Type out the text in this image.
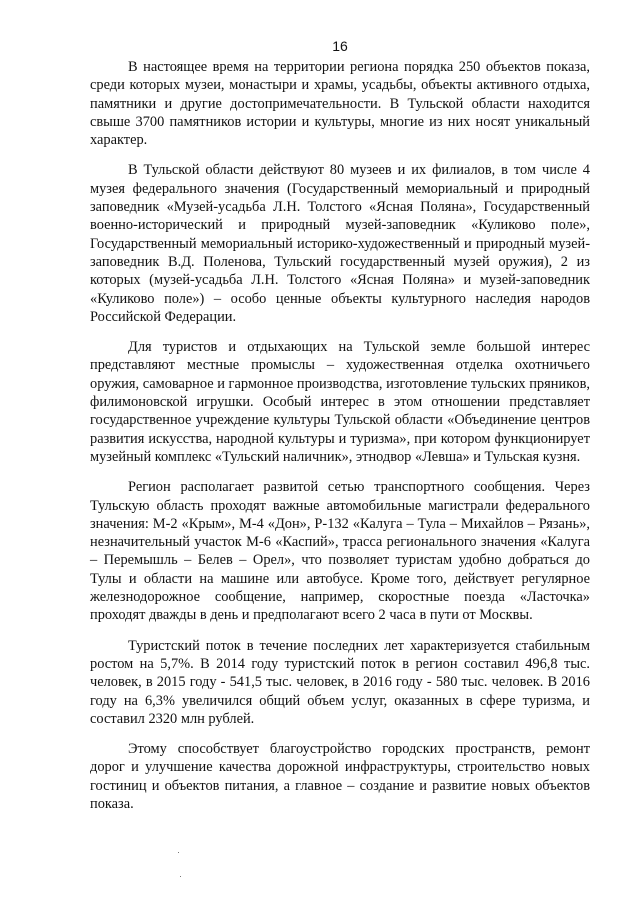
16

В настоящее время на территории региона порядка 250 объектов показа, среди которых музеи, монастыри и храмы, усадьбы, объекты активного отдыха, памятники и другие достопримечательности. В Тульской области находится свыше 3700 памятников истории и культуры, многие из них носят уникальный характер.

В Тульской области действуют 80 музеев и их филиалов, в том числе 4 музея федерального значения (Государственный мемориальный и природный заповедник «Музей-усадьба Л.Н. Толстого «Ясная Поляна», Государственный военно-исторический и природный музей-заповедник «Куликово поле», Государственный мемориальный историко-художественный и природный музей-заповедник В.Д. Поленова, Тульский государственный музей оружия), 2 из которых (музей-усадьба Л.Н. Толстого «Ясная Поляна» и музей-заповедник «Куликово поле») – особо ценные объекты культурного наследия народов Российской Федерации.

Для туристов и отдыхающих на Тульской земле большой интерес представляют местные промыслы – художественная отделка охотничьего оружия, самоварное и гармонное производства, изготовление тульских пряников, филимоновской игрушки. Особый интерес в этом отношении представляет государственное учреждение культуры Тульской области «Объединение центров развития искусства, народной культуры и туризма», при котором функционирует музейный комплекс «Тульский наличник», этнодвор «Левша» и Тульская кузня.

Регион располагает развитой сетью транспортного сообщения. Через Тульскую область проходят важные автомобильные магистрали федерального значения: М-2 «Крым», М-4 «Дон», Р-132 «Калуга – Тула – Михайлов – Рязань», незначительный участок М-6 «Каспий», трасса регионального значения «Калуга – Перемышль – Белев – Орел», что позволяет туристам удобно добраться до Тулы и области на машине или автобусе. Кроме того, действует регулярное железнодорожное сообщение, например, скоростные поезда «Ласточка» проходят дважды в день и предполагают всего 2 часа в пути от Москвы.

Туристский поток в течение последних лет характеризуется стабильным ростом на 5,7%. В 2014 году туристский поток в регион составил 496,8 тыс. человек, в 2015 году - 541,5 тыс. человек, в 2016 году - 580 тыс. человек. В 2016 году на 6,3% увеличился общий объем услуг, оказанных в сфере туризма, и составил 2320 млн рублей.

Этому способствует благоустройство городских пространств, ремонт дорог и улучшение качества дорожной инфраструктуры, строительство новых гостиниц и объектов питания, а главное – создание и развитие новых объектов показа.
